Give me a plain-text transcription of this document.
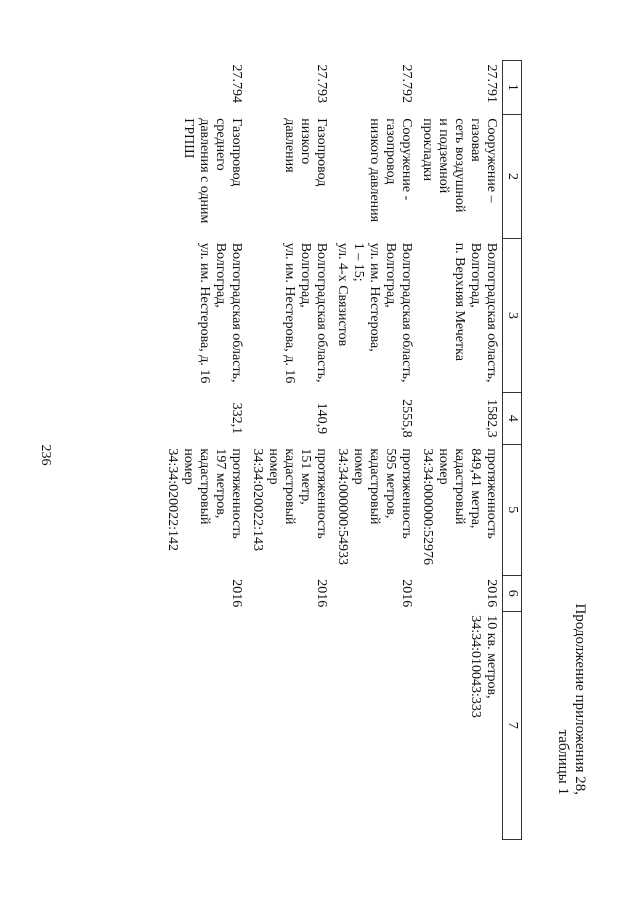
236
Продолжение приложения 28,
таблицы 1
1	2	3	4	5	6	7
27.791	Сооружение – газовая
сеть воздушной
и подземной прокладки	Волгоградская область,
Волгоград,
п. Верхняя Мечетка	1582,3	протяженность
849,41 метра,
кадастровый
номер
34:34:000000:52976	2016	10 кв. метров,
34:34:010043:333
27.792	Сооружение - газопровод
низкого давления	Волгоградская область,
Волгоград,
ул. им. Нестерова,
1 – 15;
ул. 4-х Связистов	2555,8	протяженность
595 метров,
кадастровый
номер
34:34:000000:54933	2016	
27.793	Газопровод низкого
давления	Волгоградская область,
Волгоград,
ул. им. Нестерова, д. 16	140,9	протяженность
151 метр,
кадастровый
номер
34:34:020022:143	2016	
27.794	Газопровод среднего
давления с одним ГРПШ	Волгоградская область,
Волгоград,
ул. им. Нестерова, д. 16	332,1	протяженность
197 метров,
кадастровый
номер
34:34:020022:142	2016	
